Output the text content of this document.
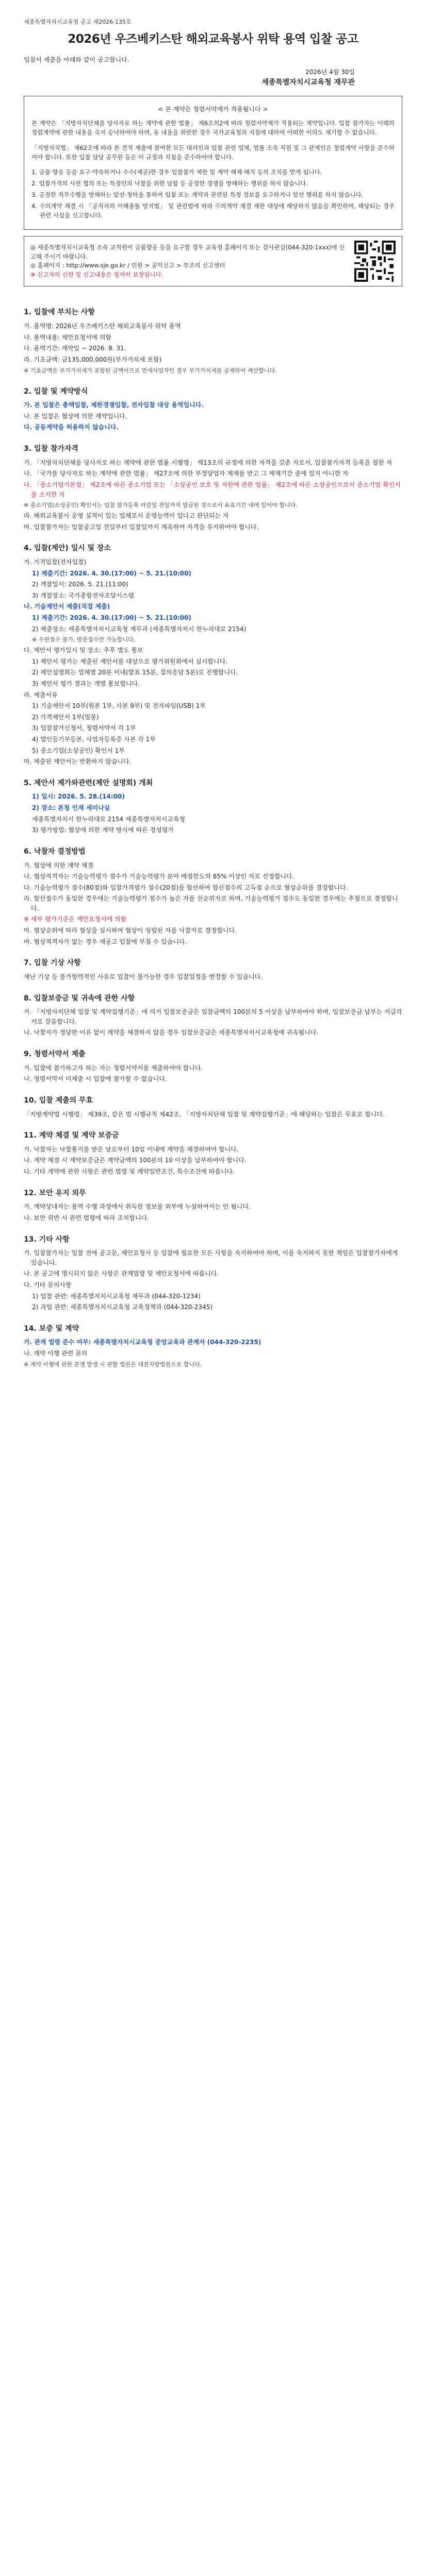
세종특별자치시교육청 공고 제2026-135호
2026년 우즈베키스탄 해외교육봉사 위탁 용역 입찰 공고
입찰서 제출을 아래와 같이 공고합니다.
2026년 4월 30일
세종특별자치시교육청 재무관
< 본 계약은 청렴서약제가 적용됩니다 >

본 계약은 「지방자치단체를 당사자로 하는 계약에 관한 법률」 제6조의2에 따라 청렴서약제가 적용되는 계약입니다. 입찰 참가자는 이래의 청렴계약에 관한 내용을 숙지 승낙하여야 하며, 동 내용을 위반한 경우 국가교육청과 지침에 대하여 어떠한 이의도 제기할 수 없습니다.

「지방자치법」 제62조에 따라 본 견적 제출에 참여한 모든 대리인과 입찰 관련 업체, 법률 소속 직원 및 그 관계인은 청렴계약 사항을 준수하여야 합니다. 또한 입찰 담당 공무원 등은 이 규정과 지침을 준수하여야 합니다.

1. 금품·향응 등을 요구·약속하거나 수수(제공)한 경우 입찰참가 제한 및 계약 해제·해지 등의 조치를 받게 됩니다.
2. 입찰가격의 사전 협의 또는 특정인의 낙찰을 위한 담합 등 공정한 경쟁을 방해하는 행위를 하지 않습니다.
3. 공정한 직무수행을 방해하는 알선·청탁을 통하여 입찰 또는 계약과 관련된 특정 정보를 요구하거나 알선 행위를 하지 않습니다.
4. 수의계약 체결 시 「공직자의 이해충돌 방지법」 및 관련법에 따라 수의계약 체결 제한 대상에 해당하지 않음을 확인하며, 해당되는 경우 관련 사실을 신고합니다.
◎ 세종특별자치시교육청 소속 교직원이 금품향응 등을 요구할 경우 교육청 홈페이지 또는 감사관실(044-320-1xxx)에 신고해 주시기 바랍니다.
◎ 홈페이지 : http://www.sje.go.kr / 민원 > 공익신고 > 부조리 신고센터
※ 신고자의 신원 및 신고내용은 철저히 보장됩니다.
1. 입찰에 부치는 사항
가. 용역명: 2026년 우즈베키스탄 해외교육봉사 위탁 용역
나. 용역내용: 제안요청서에 의함
다. 용역기간: 계약일 ~ 2026. 8. 31.
라. 기초금액: 금135,000,000원(부가가치세 포함)
※ 기초금액은 부가가치세가 포함된 금액이므로 면세사업자인 경우 부가가치세를 공제하여 계산합니다.
2. 입찰 및 계약방식
가. 본 입찰은 총액입찰, 제한경쟁입찰, 전자입찰 대상 용역입니다.
나. 본 입찰은 협상에 의한 계약입니다.
다. 공동계약을 허용하지 않습니다.
3. 입찰 참가자격
가. 「지방자치단체를 당사자로 하는 계약에 관한 법률 시행령」 제13조의 규정에 의한 자격을 갖춘 자로서, 입찰참가자격 등록을 필한 자
나. 「국가를 당사자로 하는 계약에 관한 법률」 제27조에 의한 부정당업자 제재를 받고 그 제재기간 중에 있지 아니한 자
다. 「중소기업기본법」 제2조에 따른 중소기업 또는 「소상공인 보호 및 지원에 관한 법률」 제2조에 따른 소상공인으로서 중소기업 확인서를 소지한 자
※ 중소기업(소상공인) 확인서는 입찰 참가등록 마감일 전일까지 발급된 것으로서 유효기간 내에 있어야 합니다.
라. 해외교육봉사 운영 실적이 있는 업체로서 운영능력이 있다고 판단되는 자
마. 입찰참가자는 입찰공고일 전일부터 입찰일까지 계속하여 자격을 유지하여야 합니다.
4. 입찰(제안) 일시 및 장소
가. 가격입찰(전자입찰)
1) 제출기간: 2026. 4. 30.(17:00) ~ 5. 21.(10:00)
2) 개찰일시: 2026. 5. 21.(11:00)
3) 개찰장소: 국가종합전자조달시스템
나. 기술제안서 제출(직접 제출)
1) 제출기간: 2026. 4. 30.(17:00) ~ 5. 21.(10:00)
2) 제출장소: 세종특별자치시교육청 재무과 (세종특별자치시 한누리대로 2154)
※ 우편접수 불가, 방문접수만 가능합니다.
다. 제안서 평가일시 및 장소: 추후 별도 통보
1) 제안서 평가는 제출된 제안서를 대상으로 평가위원회에서 실시합니다.
2) 제안설명회는 업체별 20분 이내(발표 15분, 질의응답 5분)로 진행합니다.
3) 제안서 평가 결과는 개별 통보합니다.
라. 제출서류
1) 기술제안서 10부(원본 1부, 사본 9부) 및 전자파일(USB) 1부
2) 가격제안서 1부(밀봉)
3) 입찰참가신청서, 청렴서약서 각 1부
4) 법인등기부등본, 사업자등록증 사본 각 1부
5) 중소기업(소상공인) 확인서 1부
마. 제출된 제안서는 반환하지 않습니다.
5. 제안서 제가와관련(제안 설명회) 개최
1) 일시: 2026. 5. 28.(14:00)
2) 장소: 본청 인재 세미나실
세종특별자치시 한누리대로 2154 세종특별자치시교육청
3) 평가방법: 협상에 의한 계약 방식에 따른 정성평가
6. 낙찰자 결정방법
가. 협상에 의한 계약 체결
나. 협상적격자는 기술능력평가 점수가 기술능력평가 분야 배점한도의 85% 이상인 자로 선정합니다.
다. 기술능력평가 점수(80점)와 입찰가격평가 점수(20점)를 합산하여 합산점수의 고득점 순으로 협상순위를 결정합니다.
라. 합산점수가 동일한 경우에는 기술능력평가 점수가 높은 자를 선순위자로 하며, 기술능력평가 점수도 동일한 경우에는 추첨으로 결정합니다.
※ 세부 평가기준은 제안요청서에 의함
마. 협상순위에 따라 협상을 실시하여 협상이 성립된 자를 낙찰자로 결정합니다.
바. 협상적격자가 없는 경우 재공고 입찰에 부칠 수 있습니다.
7. 입찰 기상 사항
재난 기상 등 불가항력적인 사유로 입찰이 불가능한 경우 입찰일정을 변경할 수 있습니다.
8. 입찰보증금 및 귀속에 관한 사항
가. 「지방자치단체 입찰 및 계약집행기준」에 의거 입찰보증금은 입찰금액의 100분의 5 이상을 납부하여야 하며, 입찰보증금 납부는 지급각서로 갈음합니다.
나. 낙찰자가 정당한 이유 없이 계약을 체결하지 않을 경우 입찰보증금은 세종특별자치시교육청에 귀속됩니다.
9. 청렴서약서 제출
가. 입찰에 참가하고자 하는 자는 청렴서약서를 제출하여야 합니다.
나. 청렴서약서 미제출 시 입찰에 참가할 수 없습니다.
10. 입찰 제출의 무효
「지방계약법 시행령」 제39조, 같은 법 시행규칙 제42조, 「지방자치단체 입찰 및 계약집행기준」에 해당하는 입찰은 무효로 합니다.
11. 계약 체결 및 계약 보증금
가. 낙찰자는 낙찰통지를 받은 날로부터 10일 이내에 계약을 체결하여야 합니다.
나. 계약 체결 시 계약보증금은 계약금액의 100분의 10 이상을 납부하여야 합니다.
다. 기타 계약에 관한 사항은 관련 법령 및 계약일반조건, 특수조건에 따릅니다.
12. 보안 유지 의무
가. 계약상대자는 용역 수행 과정에서 취득한 정보를 외부에 누설하여서는 안 됩니다.
나. 보안 위반 시 관련 법령에 따라 조치합니다.
13. 기타 사항
가. 입찰참가자는 입찰 전에 공고문, 제안요청서 등 입찰에 필요한 모든 사항을 숙지하여야 하며, 이를 숙지하지 못한 책임은 입찰참가자에게 있습니다.
나. 본 공고에 명시되지 않은 사항은 관계법령 및 제안요청서에 따릅니다.
다. 기타 문의사항
1) 입찰 관련: 세종특별자치시교육청 재무과 (044-320-1234)
2) 과업 관련: 세종특별자치시교육청 교육정책과 (044-320-2345)
14. 보증 및 계약
가. 관계 법령 준수 여부: 세종특별자치시교육청 중앙교육과 관계자 (044-320-2235)
나. 계약 이행 관련 문의
※ 계약 이행에 관한 분쟁 발생 시 관할 법원은 대전지방법원으로 합니다.
